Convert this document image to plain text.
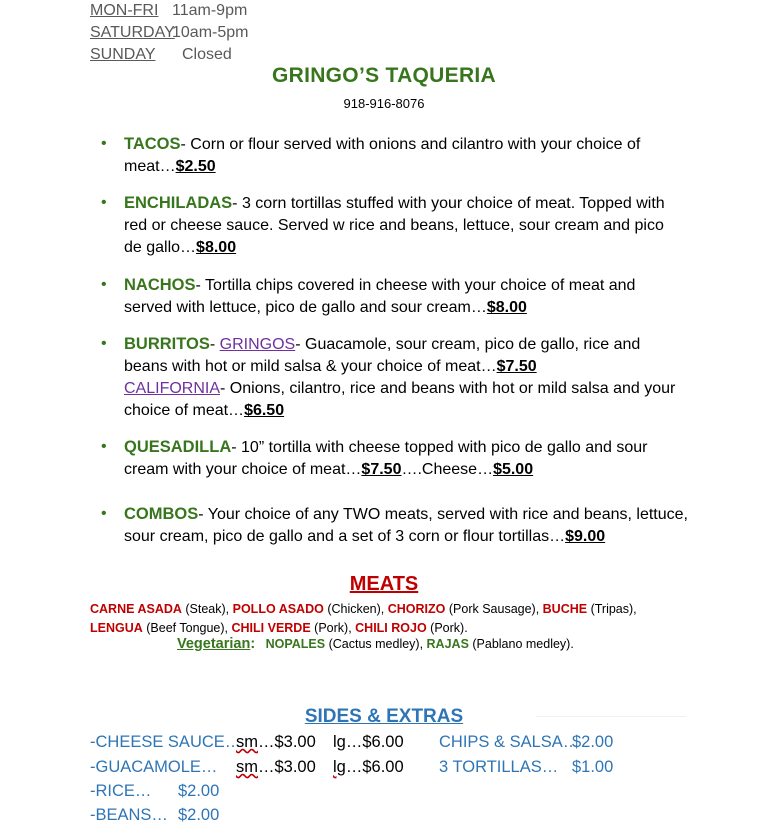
MON-FRI 11am-9pm
SATURDAY
10am-5pm
SUNDAY	Closed
GRINGO’S TAQUERIA
918-916-8076
• TACOS- Corn or flour served with onions and cilantro with your choice of meat…$2.50
• ENCHILADAS- 3 corn tortillas stuffed with your choice of meat. Topped with red or cheese sauce. Served w rice and beans, lettuce, sour cream and pico de gallo…$8.00
• NACHOS- Tortilla chips covered in cheese with your choice of meat and served with lettuce, pico de gallo and sour cream…$8.00
• BURRITOS- GRINGOS- Guacamole, sour cream, pico de gallo, rice and beans with hot or mild salsa & your choice of meat…$7.50
CALIFORNIA- Onions, cilantro, rice and beans with hot or mild salsa and your choice of meat…$6.50
• QUESADILLA- 10” tortilla with cheese topped with pico de gallo and sour cream with your choice of meat…$7.50….Cheese…$5.00
• COMBOS- Your choice of any TWO meats, served with rice and beans, lettuce, sour cream, pico de gallo and a set of 3 corn or flour tortillas…$9.00
MEATS
CARNE ASADA (Steak), POLLO ASADO (Chicken), CHORIZO (Pork Sausage), BUCHE (Tripas),
LENGUA (Beef Tongue), CHILI VERDE (Pork), CHILI ROJO (Pork).
Vegetarian: NOPALES (Cactus medley), RAJAS (Pablano medley).
SIDES & EXTRAS
-CHEESE SAUCE…
sm…$3.00 lg…$6.00 CHIPS & SALSA…
$2.00
-GUACAMOLE… sm…$3.00 lg…$6.00 3 TORTILLAS… $1.00
-RICE… $2.00
-BEANS… $2.00
